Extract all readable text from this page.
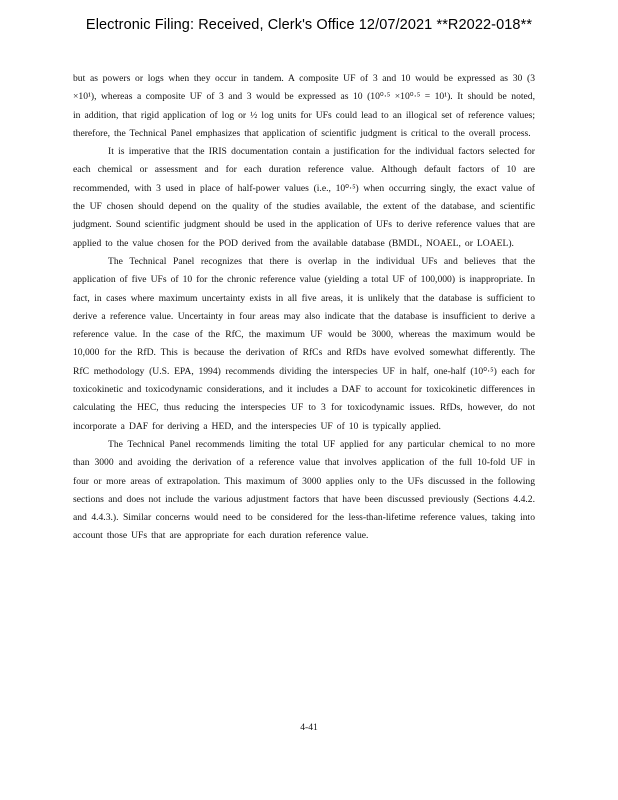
Electronic Filing: Received, Clerk's Office 12/07/2021 **R2022-018**

but as powers or logs when they occur in tandem. A composite UF of 3 and 10 would be expressed as 30 (3 ×10¹), whereas a composite UF of 3 and 3 would be expressed as 10 (10⁰·⁵ ×10⁰·⁵ = 10¹). It should be noted, in addition, that rigid application of log or ½ log units for UFs could lead to an illogical set of reference values; therefore, the Technical Panel emphasizes that application of scientific judgment is critical to the overall process.

It is imperative that the IRIS documentation contain a justification for the individual factors selected for each chemical or assessment and for each duration reference value. Although default factors of 10 are recommended, with 3 used in place of half-power values (i.e., 10⁰·⁵) when occurring singly, the exact value of the UF chosen should depend on the quality of the studies available, the extent of the database, and scientific judgment. Sound scientific judgment should be used in the application of UFs to derive reference values that are applied to the value chosen for the POD derived from the available database (BMDL, NOAEL, or LOAEL).

The Technical Panel recognizes that there is overlap in the individual UFs and believes that the application of five UFs of 10 for the chronic reference value (yielding a total UF of 100,000) is inappropriate. In fact, in cases where maximum uncertainty exists in all five areas, it is unlikely that the database is sufficient to derive a reference value. Uncertainty in four areas may also indicate that the database is insufficient to derive a reference value. In the case of the RfC, the maximum UF would be 3000, whereas the maximum would be 10,000 for the RfD. This is because the derivation of RfCs and RfDs have evolved somewhat differently. The RfC methodology (U.S. EPA, 1994) recommends dividing the interspecies UF in half, one-half (10⁰·⁵) each for toxicokinetic and toxicodynamic considerations, and it includes a DAF to account for toxicokinetic differences in calculating the HEC, thus reducing the interspecies UF to 3 for toxicodynamic issues. RfDs, however, do not incorporate a DAF for deriving a HED, and the interspecies UF of 10 is typically applied.

The Technical Panel recommends limiting the total UF applied for any particular chemical to no more than 3000 and avoiding the derivation of a reference value that involves application of the full 10-fold UF in four or more areas of extrapolation. This maximum of 3000 applies only to the UFs discussed in the following sections and does not include the various adjustment factors that have been discussed previously (Sections 4.4.2. and 4.4.3.). Similar concerns would need to be considered for the less-than-lifetime reference values, taking into account those UFs that are appropriate for each duration reference value.

4-41
